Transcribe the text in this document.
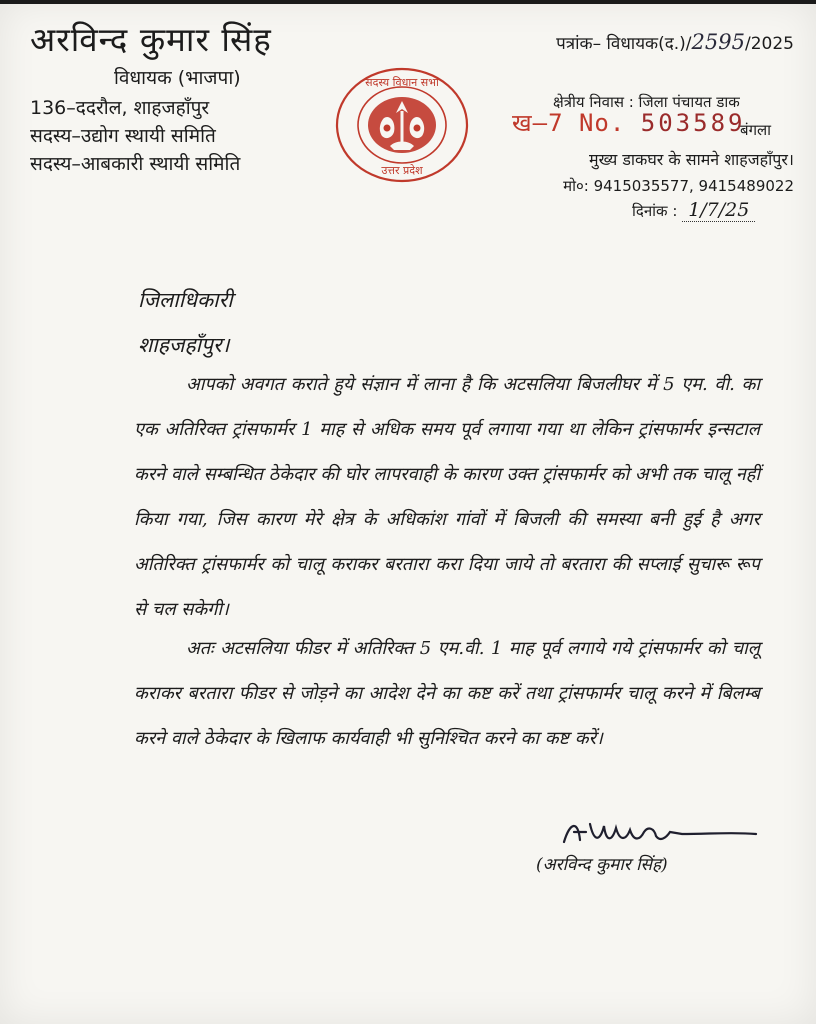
अरविन्द कुमार सिंह
विधायक (भाजपा)
136–ददरौल, शाहजहाँपुर
सदस्य–उद्योग स्थायी समिति
सदस्य–आबकारी स्थायी समिति
पत्रांक– विधायक(द.)/2595/2025
सदस्य विधान सभा
उत्तर प्रदेश
क्षेत्रीय निवास : जिला पंचायत डाक
बंगला
ख–7 No. 503589
मुख्य डाकघर के सामने शाहजहाँपुर।
मो०: 9415035577, 9415489022
दिनांक : 1/7/25
जिलाधिकारी
शाहजहाँपुर।
आपको अवगत कराते हुये संज्ञान में लाना है कि अटसलिया बिजलीघर में 5 एम. वी. का एक अतिरिक्त ट्रांसफार्मर 1 माह से अधिक समय पूर्व लगाया गया था लेकिन ट्रांसफार्मर इन्सटाल करने वाले सम्बन्धित ठेकेदार की घोर लापरवाही के कारण उक्त ट्रांसफार्मर को अभी तक चालू नहीं किया गया, जिस कारण मेरे क्षेत्र के अधिकांश गांवों में बिजली की समस्या बनी हुई है अगर अतिरिक्त ट्रांसफार्मर को चालू कराकर बरतारा करा दिया जाये तो बरतारा की सप्लाई सुचारू रूप से चल सकेगी।
अतः अटसलिया फीडर में अतिरिक्त 5 एम.वी. 1 माह पूर्व लगाये गये ट्रांसफार्मर को चालू कराकर बरतारा फीडर से जोड़ने का आदेश देने का कष्ट करें तथा ट्रांसफार्मर चालू करने में बिलम्ब करने वाले ठेकेदार के खिलाफ कार्यवाही भी सुनिश्चित करने का कष्ट करें।
(अरविन्द कुमार सिंह)
